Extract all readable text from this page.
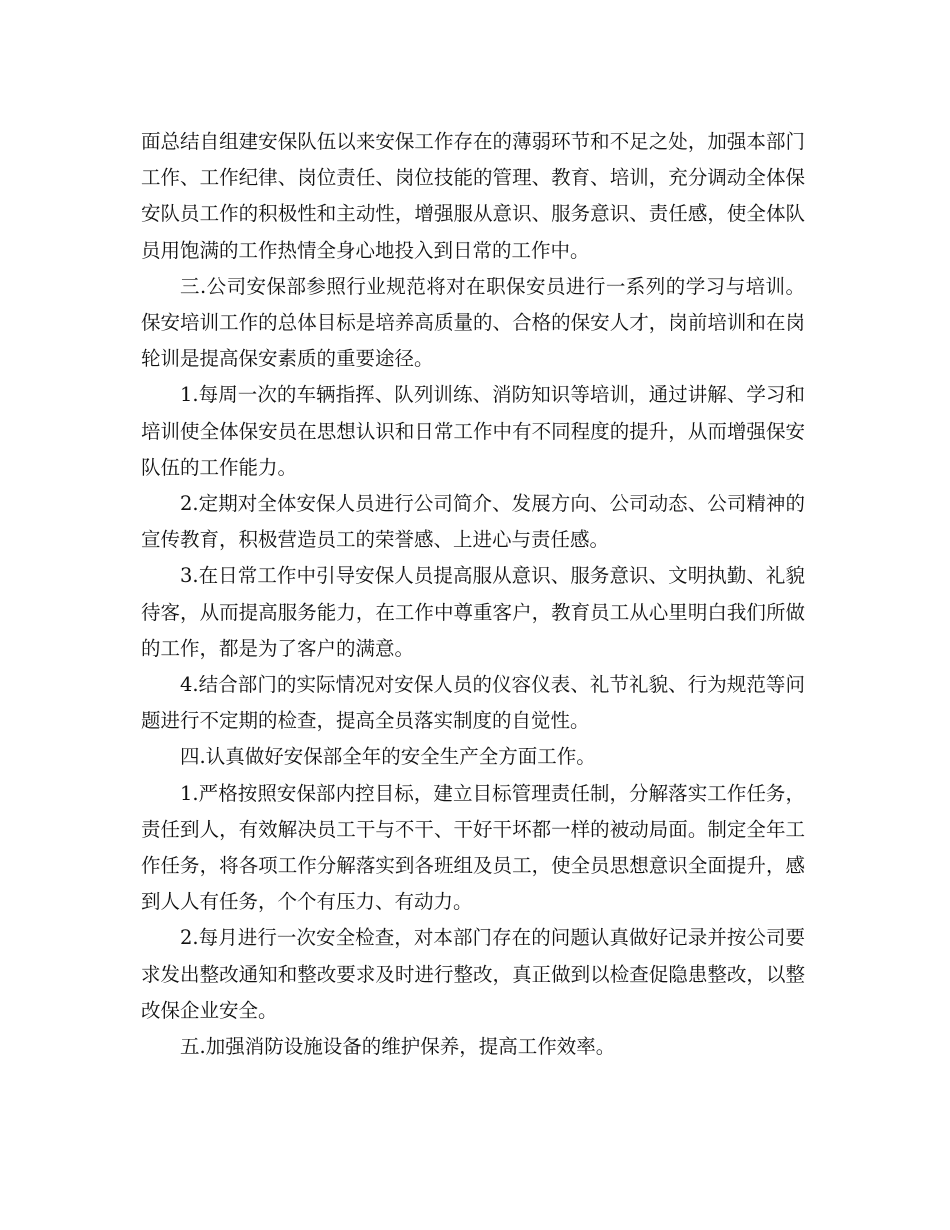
面总结自组建安保队伍以来安保工作存在的薄弱环节和不足之处，加强本部门工作、工作纪律、岗位责任、岗位技能的管理、教育、培训，充分调动全体保安队员工作的积极性和主动性，增强服从意识、服务意识、责任感，使全体队员用饱满的工作热情全身心地投入到日常的工作中。

三.公司安保部参照行业规范将对在职保安员进行一系列的学习与培训。保安培训工作的总体目标是培养高质量的、合格的保安人才，岗前培训和在岗轮训是提高保安素质的重要途径。

1.每周一次的车辆指挥、队列训练、消防知识等培训，通过讲解、学习和培训使全体保安员在思想认识和日常工作中有不同程度的提升，从而增强保安队伍的工作能力。

2.定期对全体安保人员进行公司简介、发展方向、公司动态、公司精神的宣传教育，积极营造员工的荣誉感、上进心与责任感。

3.在日常工作中引导安保人员提高服从意识、服务意识、文明执勤、礼貌待客，从而提高服务能力，在工作中尊重客户，教育员工从心里明白我们所做的工作，都是为了客户的满意。

4.结合部门的实际情况对安保人员的仪容仪表、礼节礼貌、行为规范等问题进行不定期的检查，提高全员落实制度的自觉性。

四.认真做好安保部全年的安全生产全方面工作。

1.严格按照安保部内控目标，建立目标管理责任制，分解落实工作任务，责任到人，有效解决员工干与不干、干好干坏都一样的被动局面。制定全年工作任务，将各项工作分解落实到各班组及员工，使全员思想意识全面提升，感到人人有任务，个个有压力、有动力。

2.每月进行一次安全检查，对本部门存在的问题认真做好记录并按公司要求发出整改通知和整改要求及时进行整改，真正做到以检查促隐患整改，以整改保企业安全。

五.加强消防设施设备的维护保养，提高工作效率。
